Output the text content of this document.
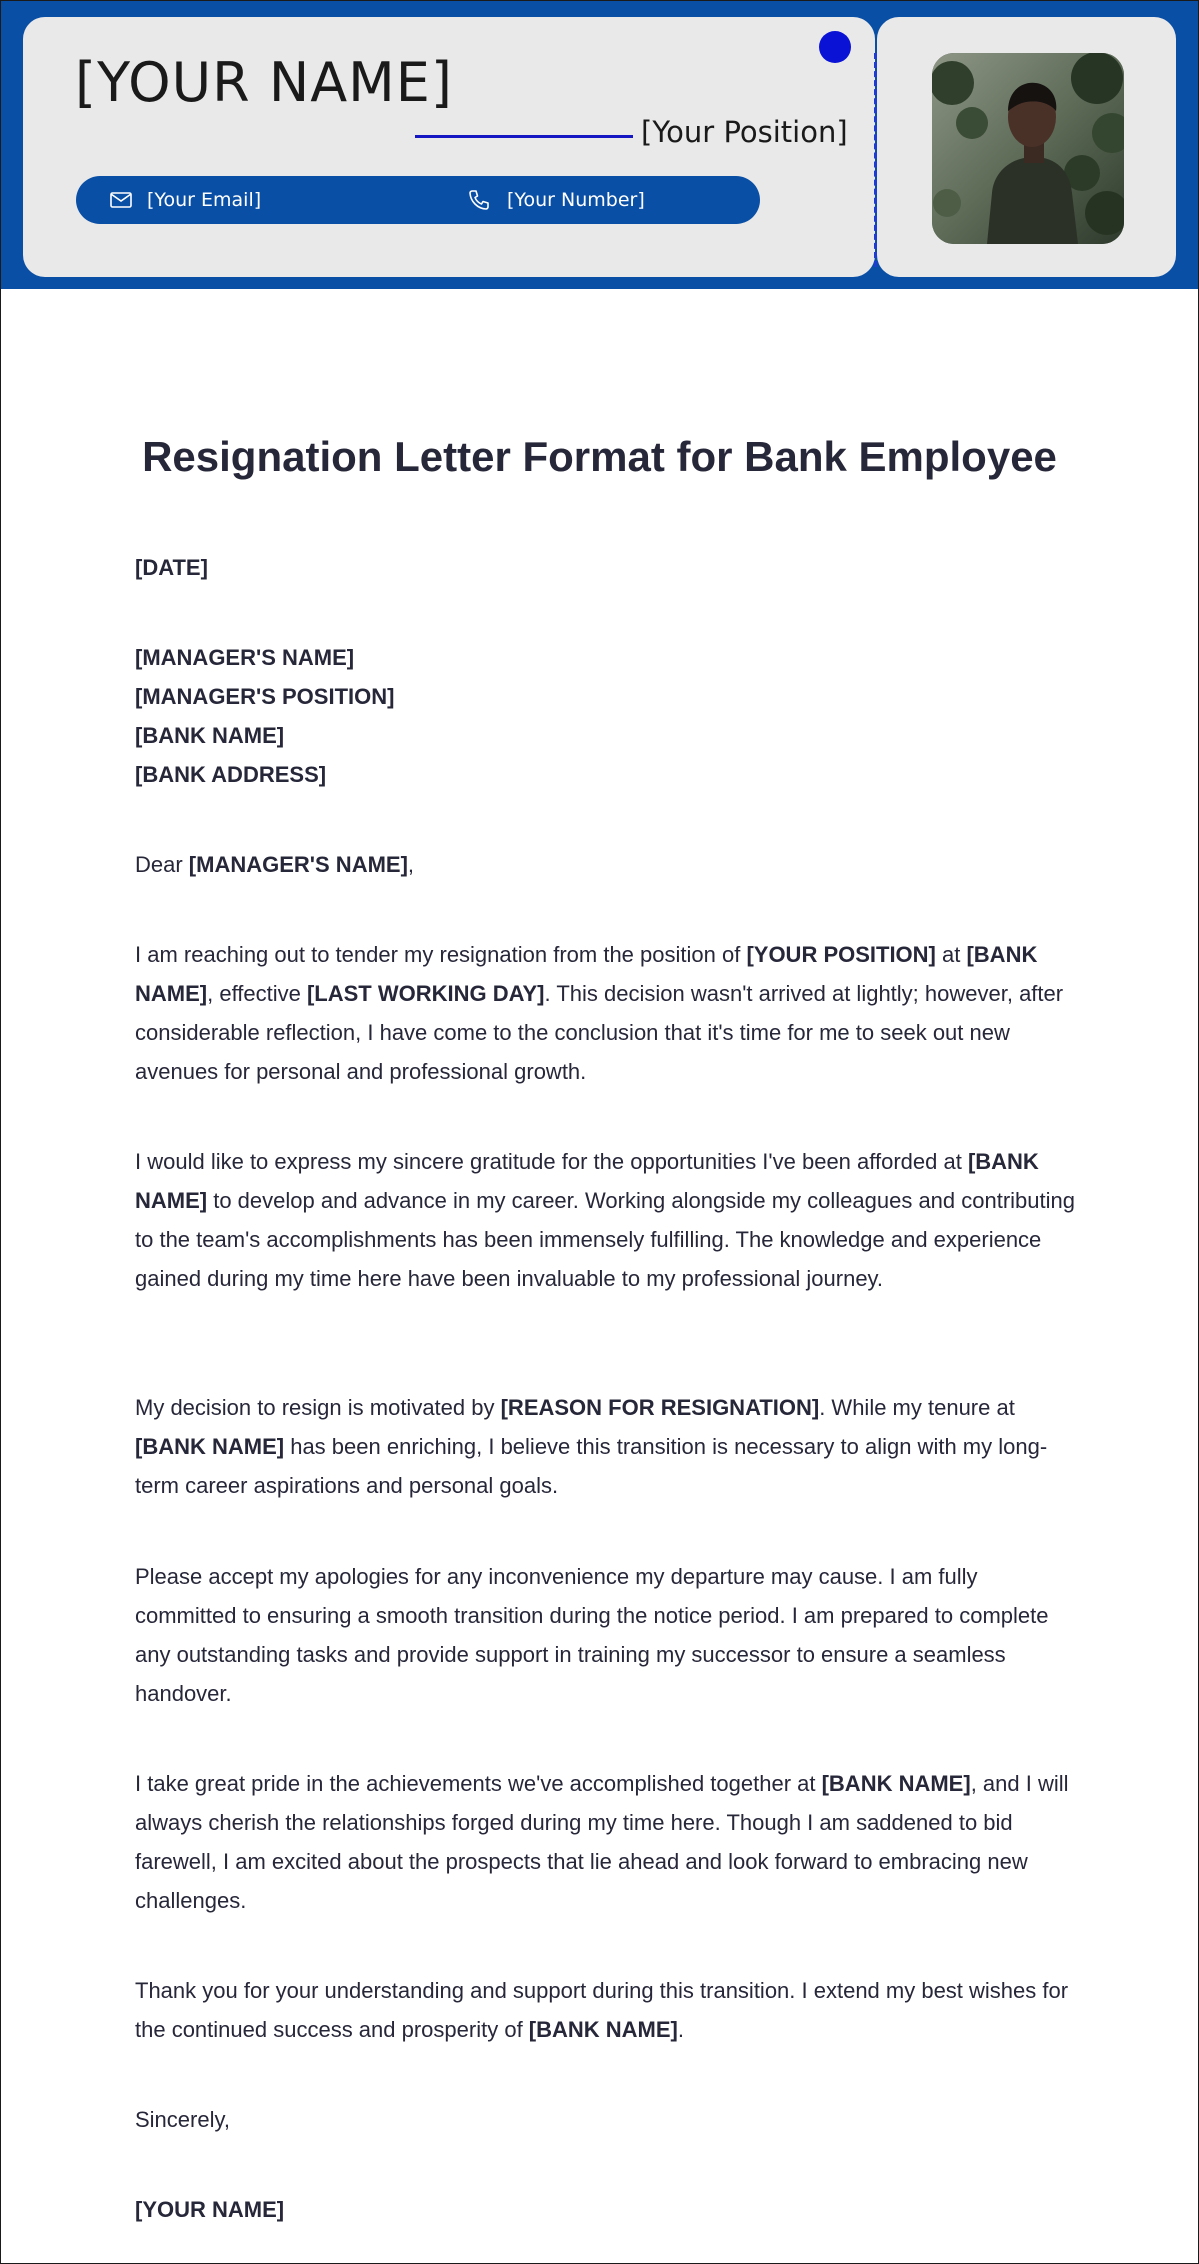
[YOUR NAME]
[Your Position]
[Your Email]	[Your Number]
Resignation Letter Format for Bank Employee
[DATE]

[MANAGER'S NAME]

[MANAGER'S POSITION]

[BANK NAME]

[BANK ADDRESS]

Dear [MANAGER'S NAME],
I am reaching out to tender my resignation from the position of [YOUR POSITION] at [BANK NAME], effective [LAST WORKING DAY]. This decision wasn't arrived at lightly; however, after considerable reflection, I have come to the conclusion that it's time for me to seek out new avenues for personal and professional growth.
I would like to express my sincere gratitude for the opportunities I've been afforded at [BANK NAME] to develop and advance in my career. Working alongside my colleagues and contributing to the team's accomplishments has been immensely fulfilling. The knowledge and experience gained during my time here have been invaluable to my professional journey.
My decision to resign is motivated by [REASON FOR RESIGNATION]. While my tenure at [BANK NAME] has been enriching, I believe this transition is necessary to align with my long-term career aspirations and personal goals.
Please accept my apologies for any inconvenience my departure may cause. I am fully committed to ensuring a smooth transition during the notice period. I am prepared to complete any outstanding tasks and provide support in training my successor to ensure a seamless handover.
I take great pride in the achievements we've accomplished together at [BANK NAME], and I will always cherish the relationships forged during my time here. Though I am saddened to bid farewell, I am excited about the prospects that lie ahead and look forward to embracing new challenges.
Thank you for your understanding and support during this transition. I extend my best wishes for the continued success and prosperity of [BANK NAME].
Sincerely,
[YOUR NAME]
